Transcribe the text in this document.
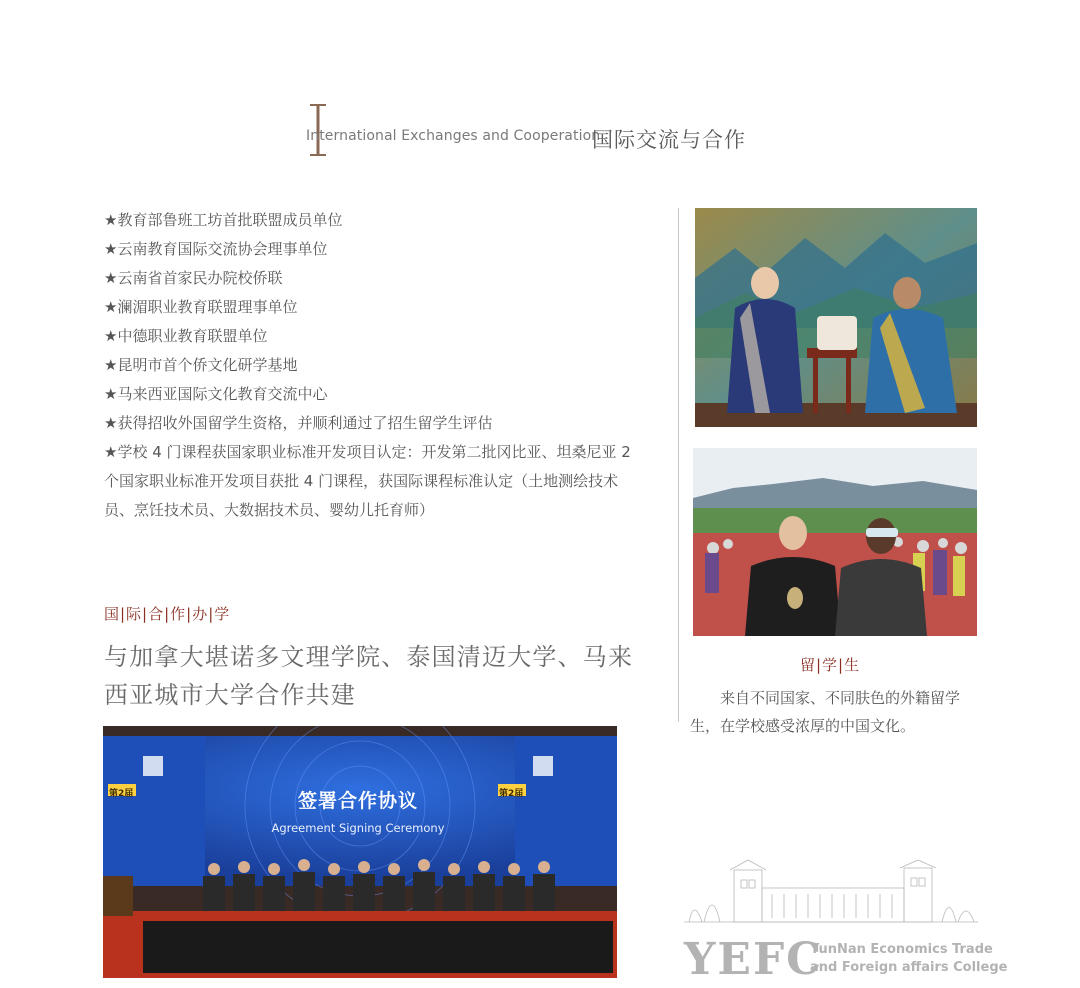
International Exchanges and Cooperation
国际交流与合作
★教育部鲁班工坊首批联盟成员单位
★云南教育国际交流协会理事单位
★云南省首家民办院校侨联
★澜湄职业教育联盟理事单位
★中德职业教育联盟单位
★昆明市首个侨文化研学基地
★马来西亚国际文化教育交流中心
★获得招收外国留学生资格，并顺利通过了招生留学生评估
★学校 4 门课程获国家职业标准开发项目认定：开发第二批冈比亚、坦桑尼亚 2 个国家职业标准开发项目获批 4 门课程，获国际课程标准认定（土地测绘技术员、烹饪技术员、大数据技术员、婴幼儿托育师）
国|际|合|作|办|学
与加拿大堪诺多文理学院、泰国清迈大学、马来西亚城市大学合作共建
留|学|生
来自不同国家、不同肤色的外籍留学生，在学校感受浓厚的中国文化。
签署合作协议
Agreement Signing Ceremony
第2届	第2届
YEFC
YunNan Economics Trade
and Foreign affairs College
